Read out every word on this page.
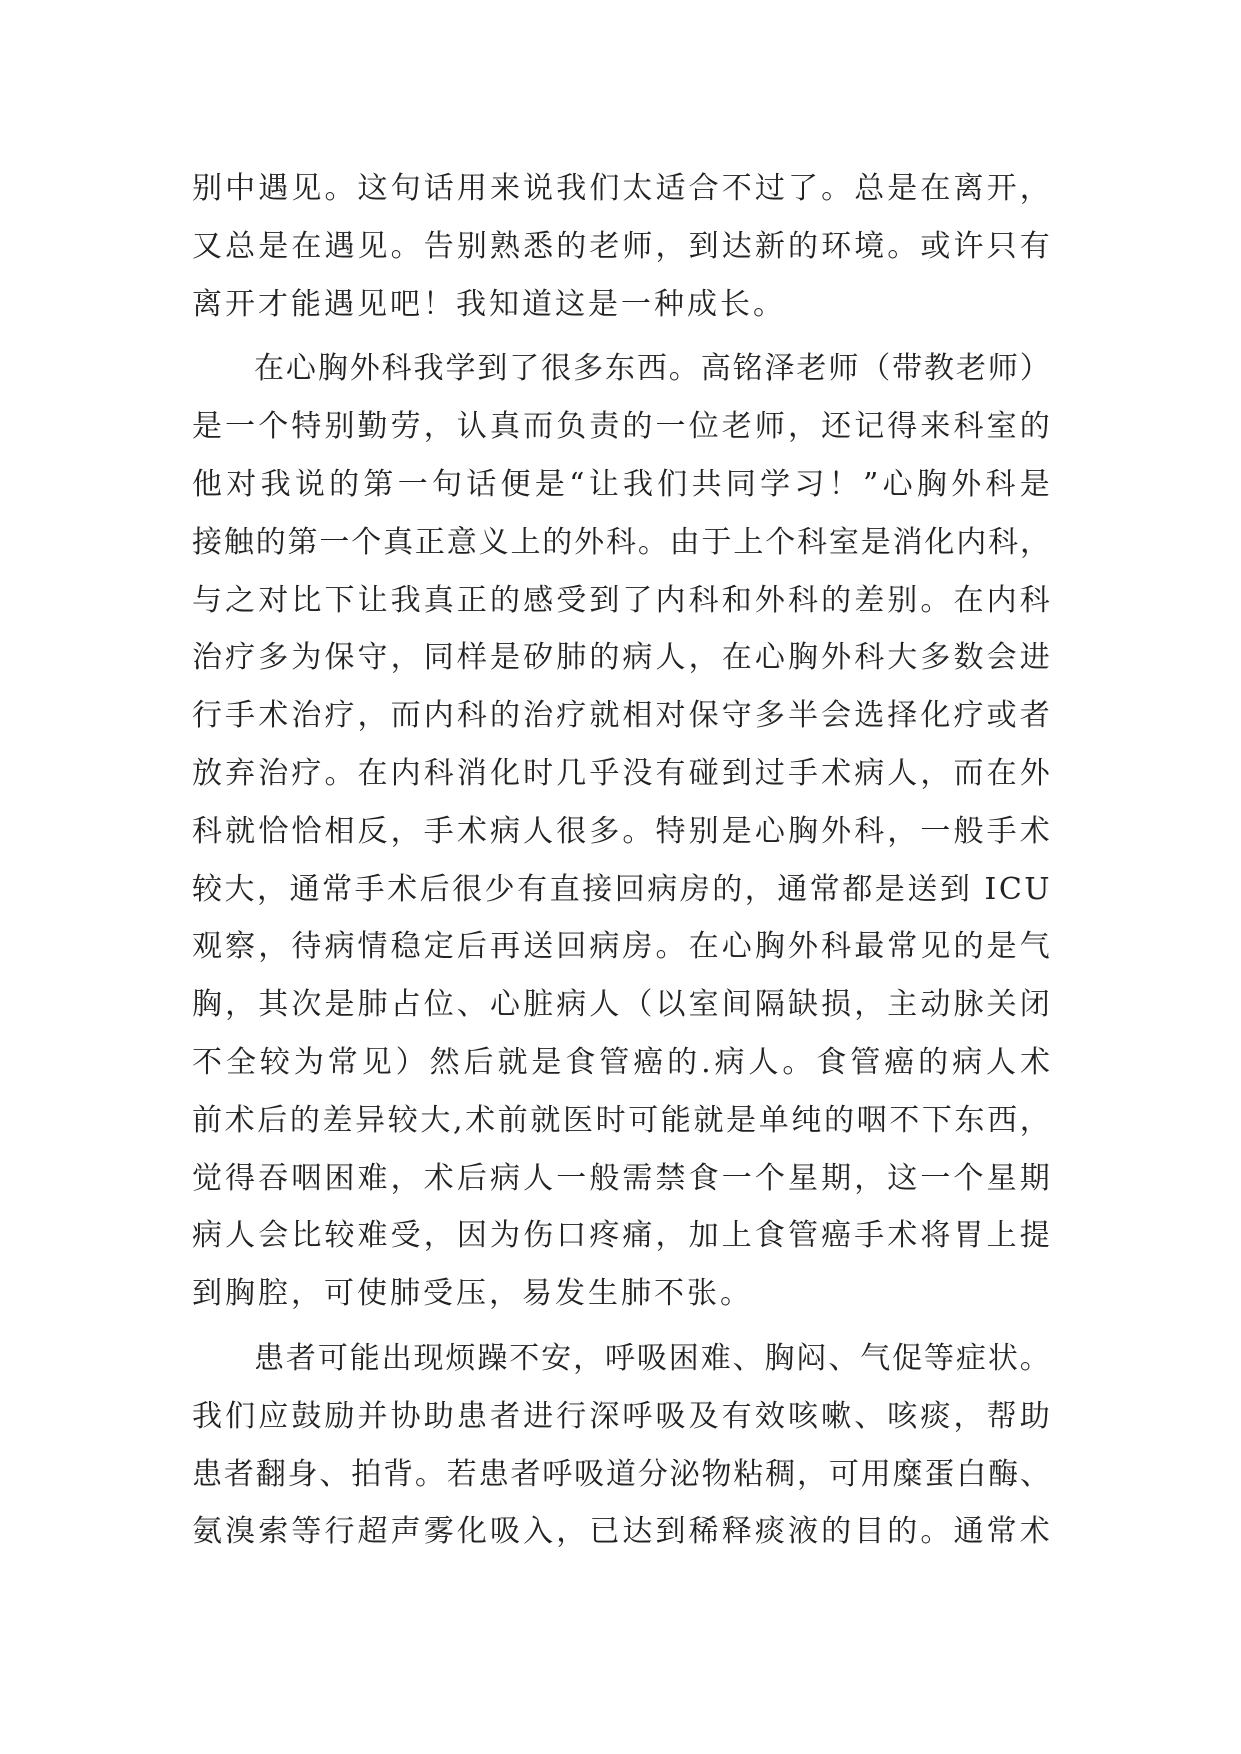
别 中 遇 见 。 这 句 话 用 来 说 我 们 太 适 合 不 过 了 。 总 是 在 离 开 ，
又 总 是 在 遇 见 。 告 别 熟 悉 的 老 师 ， 到 达 新 的 环 境 。 或 许 只 有
离开才能遇见吧！我知道这是一种成长。
在 心 胸 外 科 我 学 到 了 很 多 东 西 。 高 铭 泽 老 师 （ 带 教 老 师 ）
是 一 个 特 别 勤 劳 ， 认 真 而 负 责 的 一 位 老 师 ， 还 记 得 来 科 室 的
他 对 我 说 的 第 一 句 话 便 是 “ 让 我 们 共 同 学 习 ！ ” 心 胸 外 科 是
接 触 的 第 一 个 真 正 意 义 上 的 外 科 。 由 于 上 个 科 室 是 消 化 内 科 ，
与 之 对 比 下 让 我 真 正 的 感 受 到 了 内 科 和 外 科 的 差 别 。 在 内 科
治 疗 多 为 保 守 ， 同 样 是 矽 肺 的 病 人 ， 在 心 胸 外 科 大 多 数 会 进
行 手 术 治 疗 ， 而 内 科 的 治 疗 就 相 对 保 守 多 半 会 选 择 化 疗 或 者
放 弃 治 疗 。 在 内 科 消 化 时 几 乎 没 有 碰 到 过 手 术 病 人 ， 而 在 外
科 就 恰 恰 相 反 ， 手 术 病 人 很 多 。 特 别 是 心 胸 外 科 ， 一 般 手 术
较 大 ， 通 常 手 术 后 很 少 有 直 接 回 病 房 的 ， 通 常 都 是 送 到
I C U
观 察 ， 待 病 情 稳 定 后 再 送 回 病 房 。 在 心 胸 外 科 最 常 见 的 是 气
胸 ， 其 次 是 肺 占 位 、 心 脏 病 人 （ 以 室 间 隔 缺 损 ， 主 动 脉 关 闭
不 全 较 为 常 见 ） 然 后 就 是 食 管 癌 的 . 病 人 。 食 管 癌 的 病 人 术
前 术 后 的 差 异 较 大 , 术 前 就 医 时 可 能 就 是 单 纯 的 咽 不 下 东 西 ，
觉 得 吞 咽 困 难 ， 术 后 病 人 一 般 需 禁 食 一 个 星 期 ， 这 一 个 星 期
病 人 会 比 较 难 受 ， 因 为 伤 口 疼 痛 ， 加 上 食 管 癌 手 术 将 胃 上 提
到胸腔，可使肺受压，易发生肺不张。
患 者 可 能 出 现 烦 躁 不 安 ， 呼 吸 困 难 、 胸 闷 、 气 促 等 症 状 。
我 们 应 鼓 励 并 协 助 患 者 进 行 深 呼 吸 及 有 效 咳 嗽 、 咳 痰 ， 帮 助
患 者 翻 身 、 拍 背 。 若 患 者 呼 吸 道 分 泌 物 粘 稠 ， 可 用 糜 蛋 白 酶 、
氨 溴 索 等 行 超 声 雾 化 吸 入 ， 已 达 到 稀 释 痰 液 的 目 的 。 通 常 术
